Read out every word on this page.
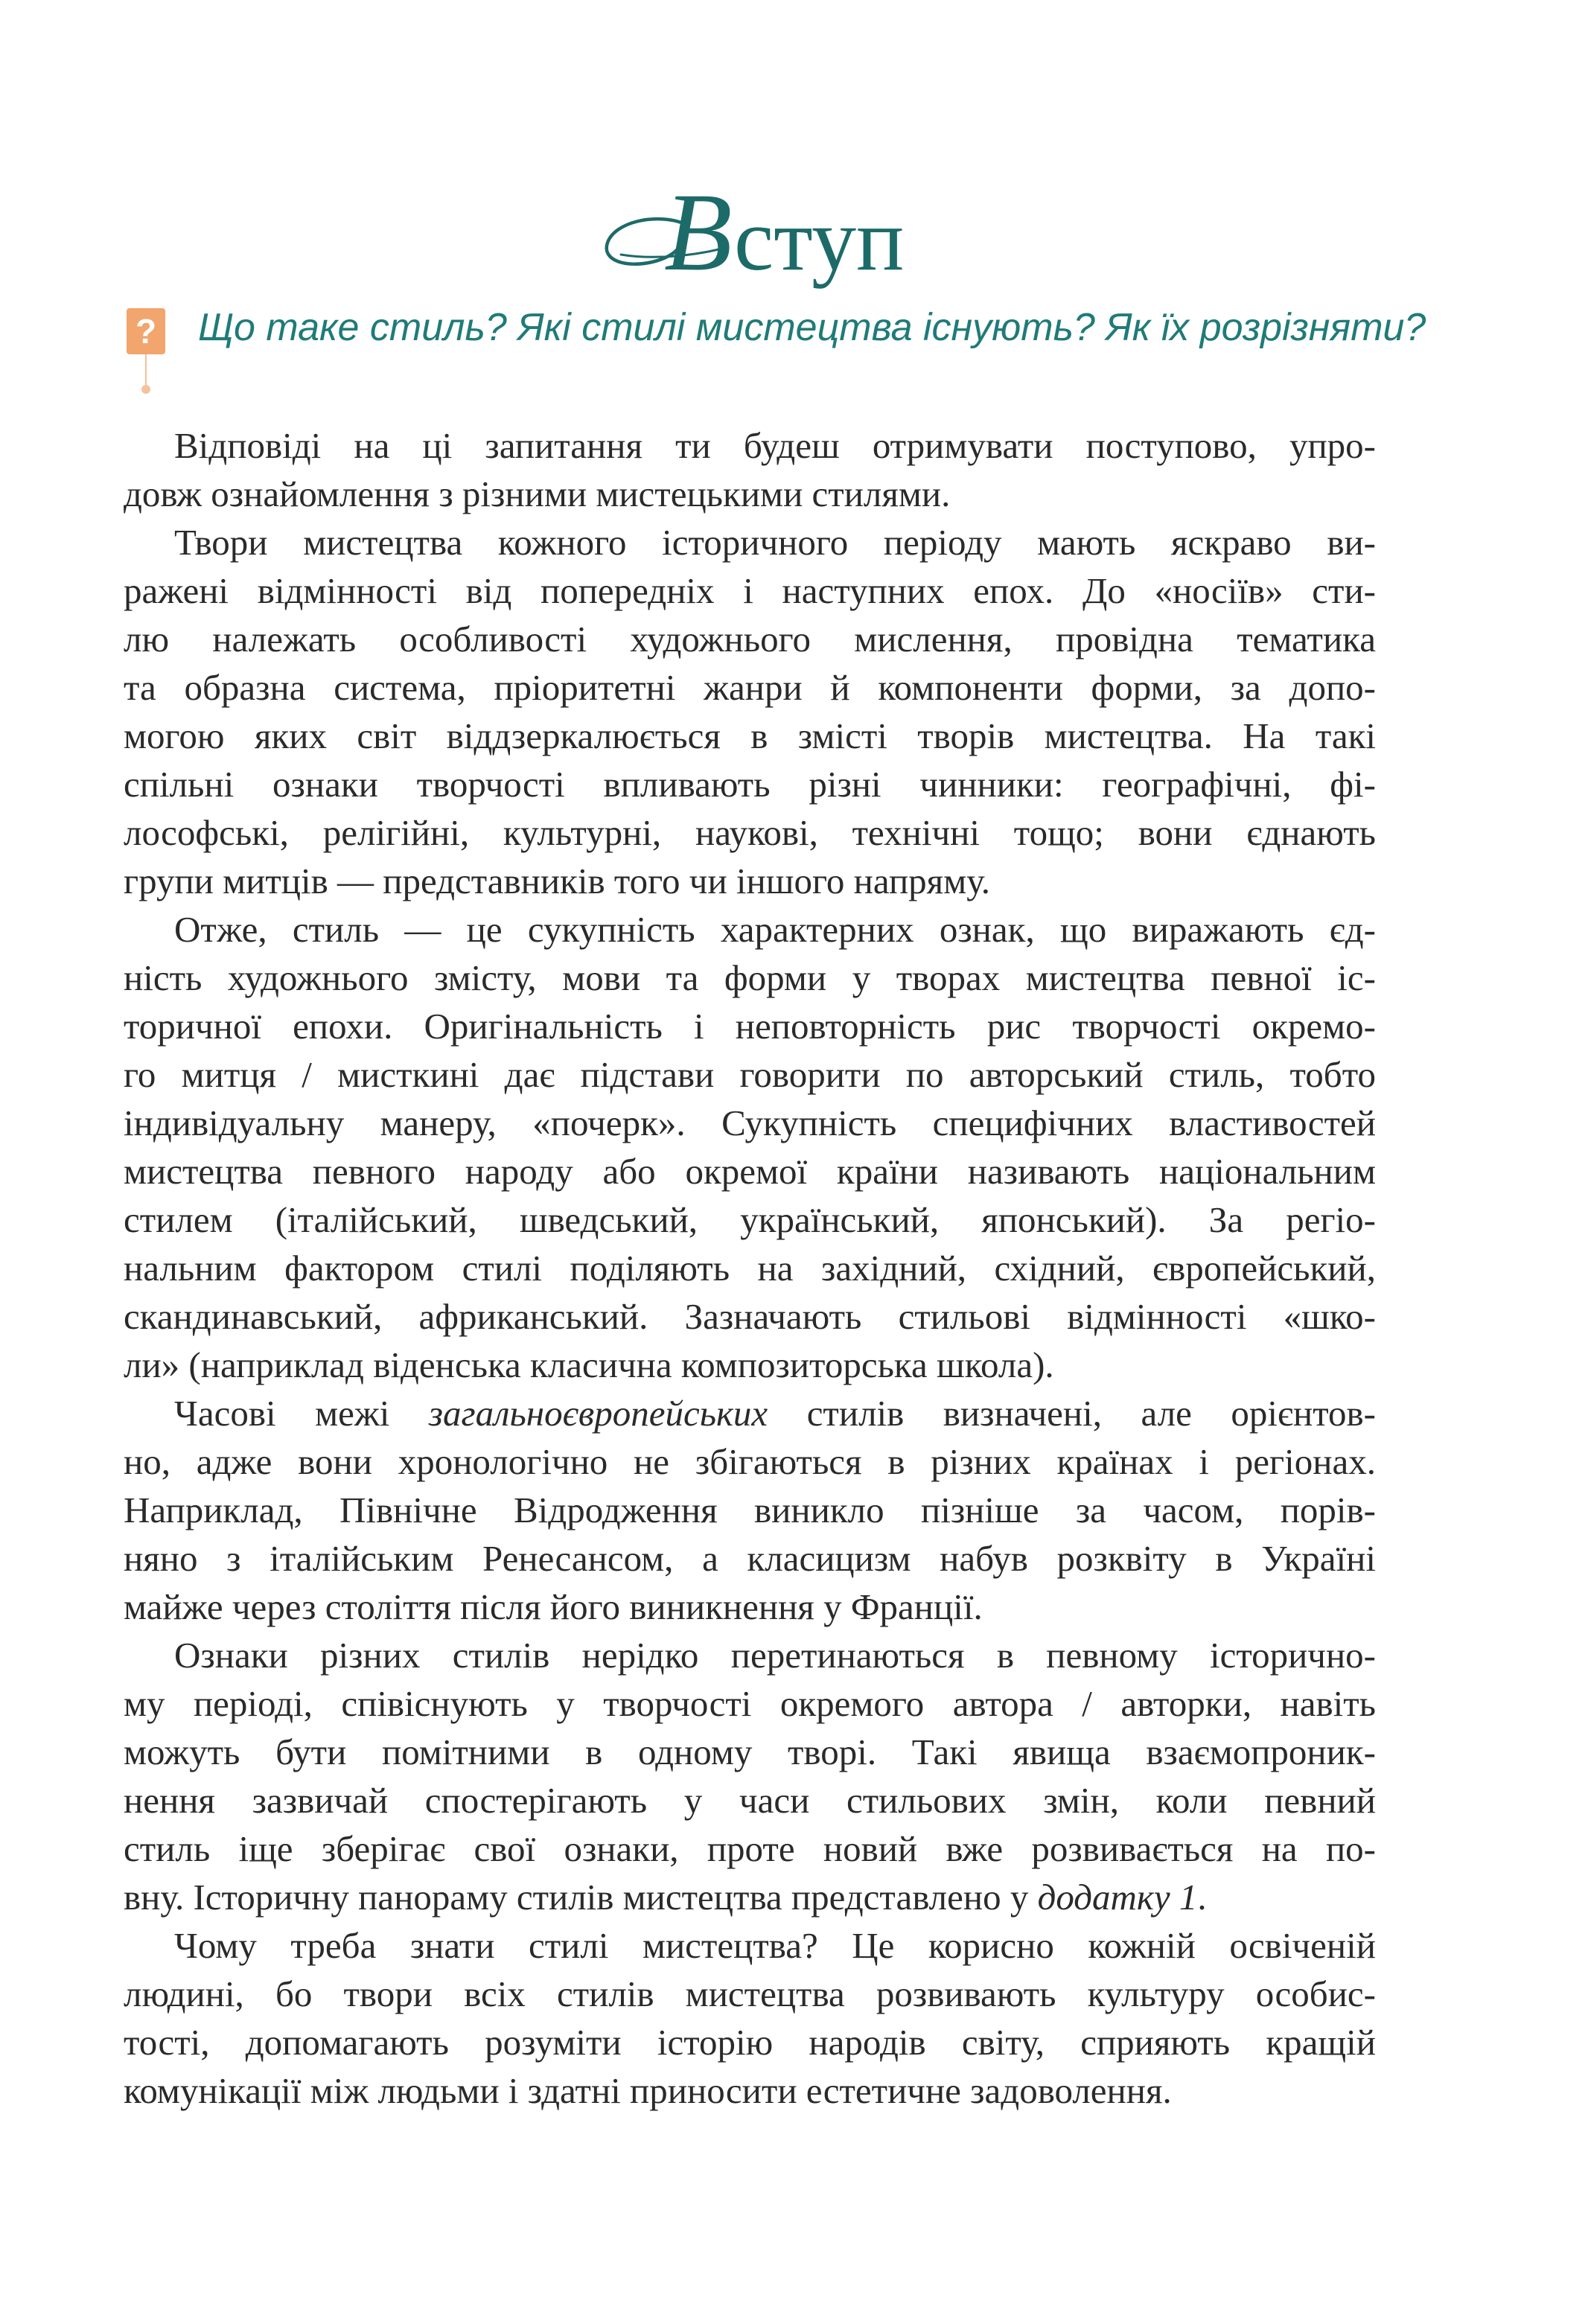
В ступ
? Що таке стиль? Які стилі мистецтва існують? Як їх розрізняти?
Відповіді на ці запитання ти будеш отримувати поступово, упро-
довж ознайомлення з різними мистецькими стилями.
Твори мистецтва кожного історичного періоду мають яскраво ви-
ражені відмінності від попередніх і наступних епох. До «носіїв» сти-
лю належать особливості художнього мислення, провідна тематика
та образна система, пріоритетні жанри й компоненти форми, за допо-
могою яких світ віддзеркалюється в змісті творів мистецтва. На такі
спільні ознаки творчості впливають різні чинники: географічні, фі-
лософські, релігійні, культурні, наукові, технічні тощо; вони єднають
групи митців — представників того чи іншого напряму.
Отже, стиль — це сукупність характерних ознак, що виражають єд-
ність художнього змісту, мови та форми у творах мистецтва певної іс-
торичної епохи. Оригінальність і неповторність рис творчості окремо-
го митця / мисткині дає підстави говорити по авторський стиль, тобто
індивідуальну манеру, «почерк». Сукупність специфічних властивостей
мистецтва певного народу або окремої країни називають національним
стилем (італійський, шведський, український, японський). За регіо-
нальним фактором стилі поділяють на західний, східний, європейський,
скандинавський, африканський. Зазначають стильові відмінності «шко-
ли» (наприклад віденська класична композиторська школа).
Часові межі загальноєвропейських стилів визначені, але орієнтов-
но, адже вони хронологічно не збігаються в різних країнах і регіонах.
Наприклад, Північне Відродження виникло пізніше за часом, порів-
няно з італійським Ренесансом, а класицизм набув розквіту в Україні
майже через століття після його виникнення у Франції.
Ознаки різних стилів нерідко перетинаються в певному історично-
му періоді, співіснують у творчості окремого автора / авторки, навіть
можуть бути помітними в одному творі. Такі явища взаємопроник-
нення зазвичай спостерігають у часи стильових змін, коли певний
стиль іще зберігає свої ознаки, проте новий вже розвивається на по-
вну. Історичну панораму стилів мистецтва представлено у додатку 1.
Чому треба знати стилі мистецтва? Це корисно кожній освіченій
людині, бо твори всіх стилів мистецтва розвивають культуру особис-
тості, допомагають розуміти історію народів світу, сприяють кращій
комунікації між людьми і здатні приносити естетичне задоволення.
